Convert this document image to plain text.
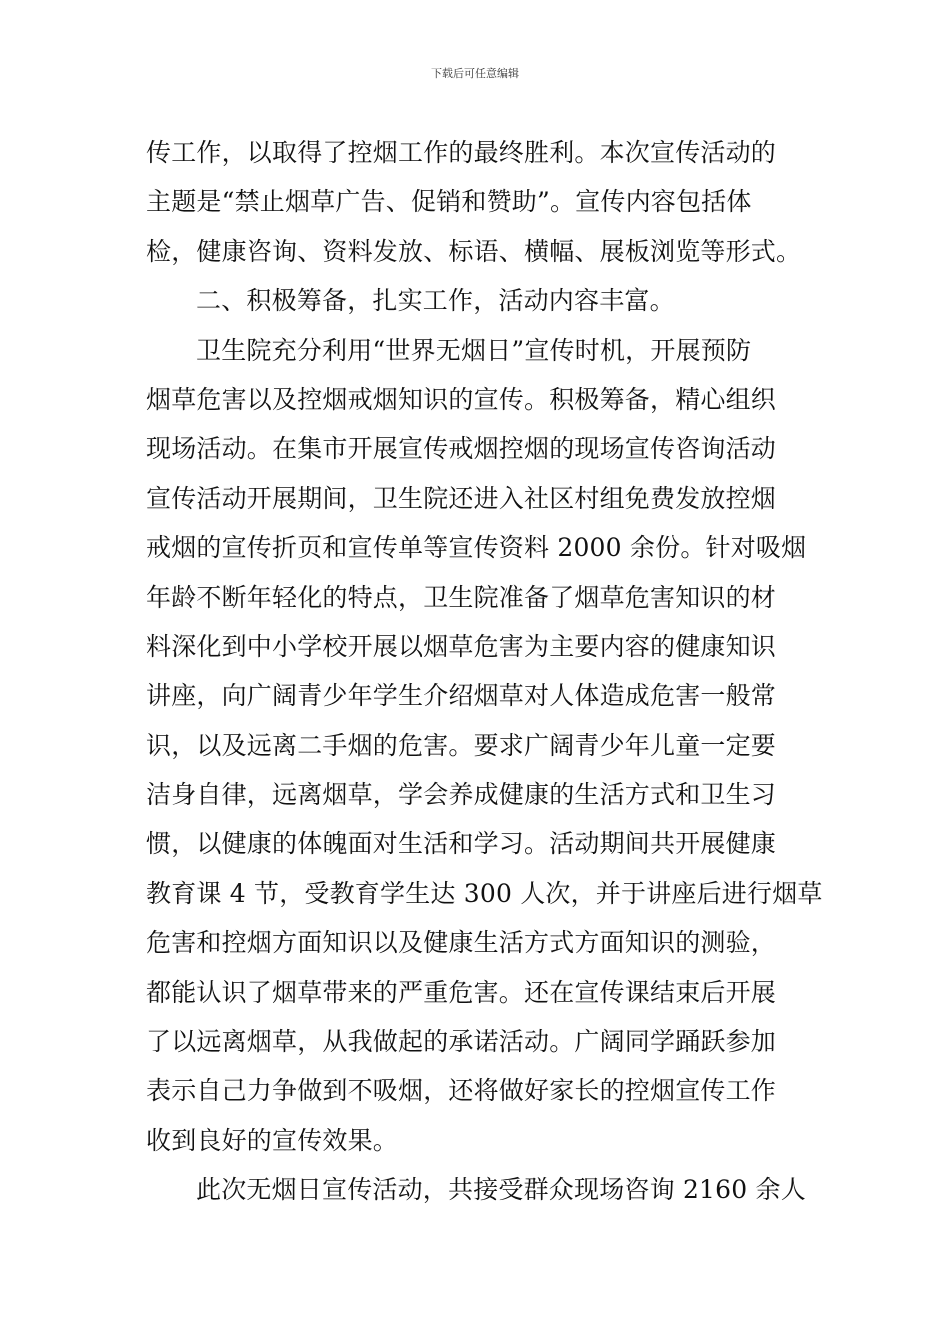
下载后可任意编辑
传工作，以取得了控烟工作的最终胜利。本次宣传活动的
主题是“禁止烟草广告、促销和赞助”。宣传内容包括体
检，健康咨询、资料发放、标语、横幅、展板浏览等形式。
二、积极筹备，扎实工作，活动内容丰富。
卫生院充分利用“世界无烟日”宣传时机，开展预防
烟草危害以及控烟戒烟知识的宣传。积极筹备，精心组织
现场活动。在集市开展宣传戒烟控烟的现场宣传咨询活动
宣传活动开展期间，卫生院还进入社区村组免费发放控烟
戒烟的宣传折页和宣传单等宣传资料 2000 余份。针对吸烟
年龄不断年轻化的特点，卫生院准备了烟草危害知识的材
料深化到中小学校开展以烟草危害为主要内容的健康知识
讲座，向广阔青少年学生介绍烟草对人体造成危害一般常
识，以及远离二手烟的危害。要求广阔青少年儿童一定要
洁身自律，远离烟草，学会养成健康的生活方式和卫生习
惯，以健康的体魄面对生活和学习。活动期间共开展健康
教育课 4 节，受教育学生达 300 人次，并于讲座后进行烟草
危害和控烟方面知识以及健康生活方式方面知识的测验，
都能认识了烟草带来的严重危害。还在宣传课结束后开展
了以远离烟草，从我做起的承诺活动。广阔同学踊跃参加
表示自己力争做到不吸烟，还将做好家长的控烟宣传工作
收到良好的宣传效果。
此次无烟日宣传活动，共接受群众现场咨询 2160 余人
